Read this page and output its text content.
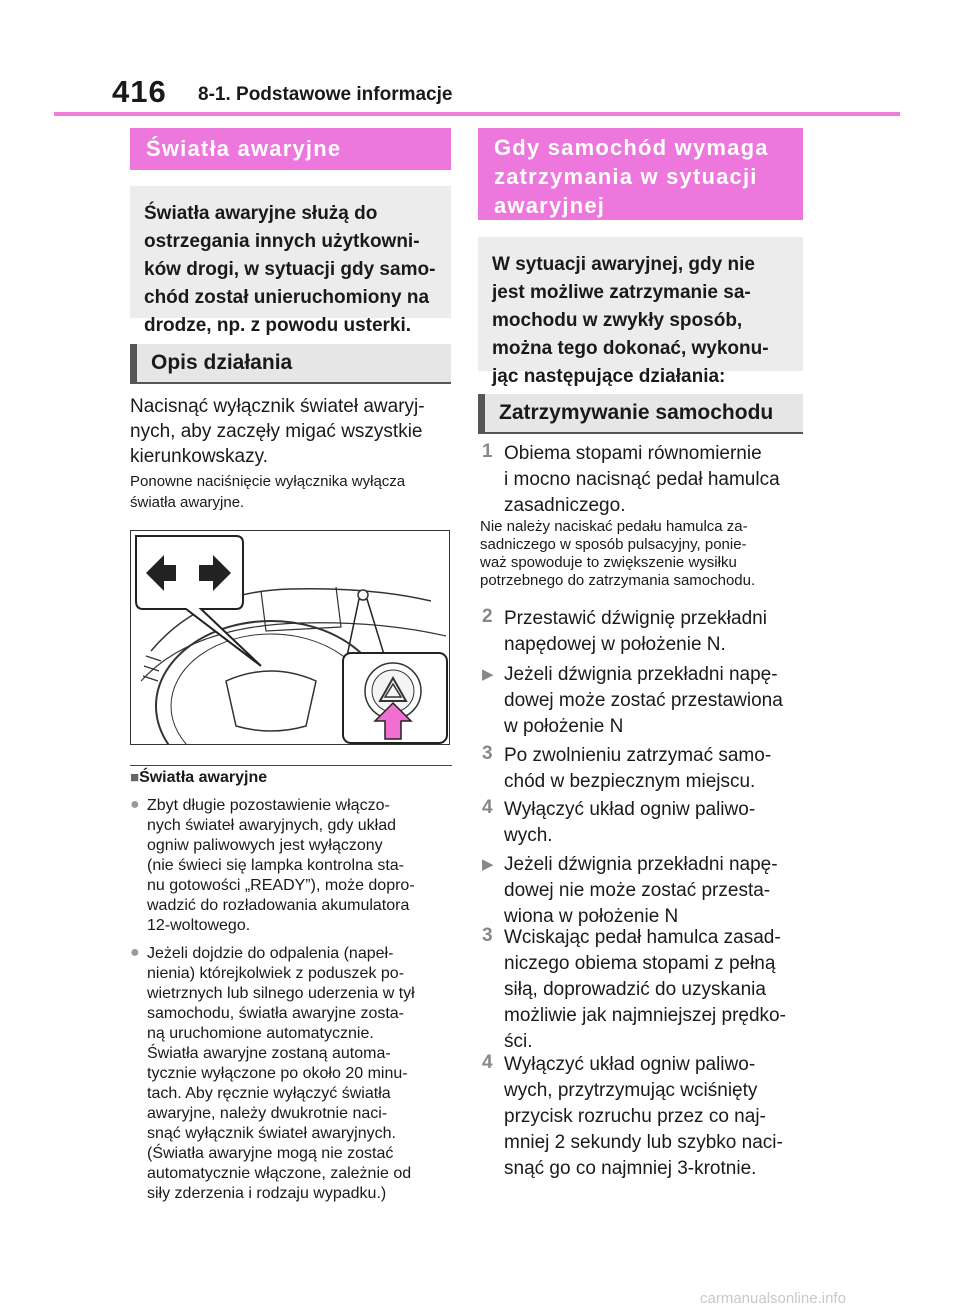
416 8-1. Podstawowe informacje
Światła awaryjne
Światła awaryjne służą do
ostrzegania innych użytkowni-
ków drogi, w sytuacji gdy samo-
chód został unieruchomiony na
drodze, np. z powodu usterki.
Opis działania
Nacisnąć wyłącznik świateł awaryj-
nych, aby zaczęły migać wszystkie
kierunkowskazy.
Ponowne naciśnięcie wyłącznika wyłącza
światła awaryjne.
■Światła awaryjne
● Zbyt długie pozostawienie włączo-
nych świateł awaryjnych, gdy układ
ogniw paliwowych jest wyłączony
(nie świeci się lampka kontrolna sta-
nu gotowości „READY”), może dopro-
wadzić do rozładowania akumulatora
12-woltowego.
● Jeżeli dojdzie do odpalenia (napeł-
nienia) którejkolwiek z poduszek po-
wietrznych lub silnego uderzenia w tył
samochodu, światła awaryjne zosta-
ną uruchomione automatycznie.
Światła awaryjne zostaną automa-
tycznie wyłączone po około 20 minu-
tach. Aby ręcznie wyłączyć światła
awaryjne, należy dwukrotnie naci-
snąć wyłącznik świateł awaryjnych.
(Światła awaryjne mogą nie zostać
automatycznie włączone, zależnie od
siły zderzenia i rodzaju wypadku.)
Gdy samochód wymaga
zatrzymania w sytuacji
awaryjnej
W sytuacji awaryjnej, gdy nie
jest możliwe zatrzymanie sa-
mochodu w zwykły sposób,
można tego dokonać, wykonu-
jąc następujące działania:
Zatrzymywanie samochodu
1 Obiema stopami równomiernie
i mocno nacisnąć pedał hamulca
zasadniczego.
Nie należy naciskać pedału hamulca za-
sadniczego w sposób pulsacyjny, ponie-
waż spowoduje to zwiększenie wysiłku
potrzebnego do zatrzymania samochodu.
2 Przestawić dźwignię przekładni
napędowej w położenie N.
▶ Jeżeli dźwignia przekładni napę-
dowej może zostać przestawiona
w położenie N
3 Po zwolnieniu zatrzymać samo-
chód w bezpiecznym miejscu.
4 Wyłączyć układ ogniw paliwo-
wych.
▶ Jeżeli dźwignia przekładni napę-
dowej nie może zostać przesta-
wiona w położenie N
3 Wciskając pedał hamulca zasad-
niczego obiema stopami z pełną
siłą, doprowadzić do uzyskania
możliwie jak najmniejszej prędko-
ści.
4 Wyłączyć układ ogniw paliwo-
wych, przytrzymując wciśnięty
przycisk rozruchu przez co naj-
mniej 2 sekundy lub szybko naci-
snąć go co najmniej 3-krotnie.
carmanualsonline.info
